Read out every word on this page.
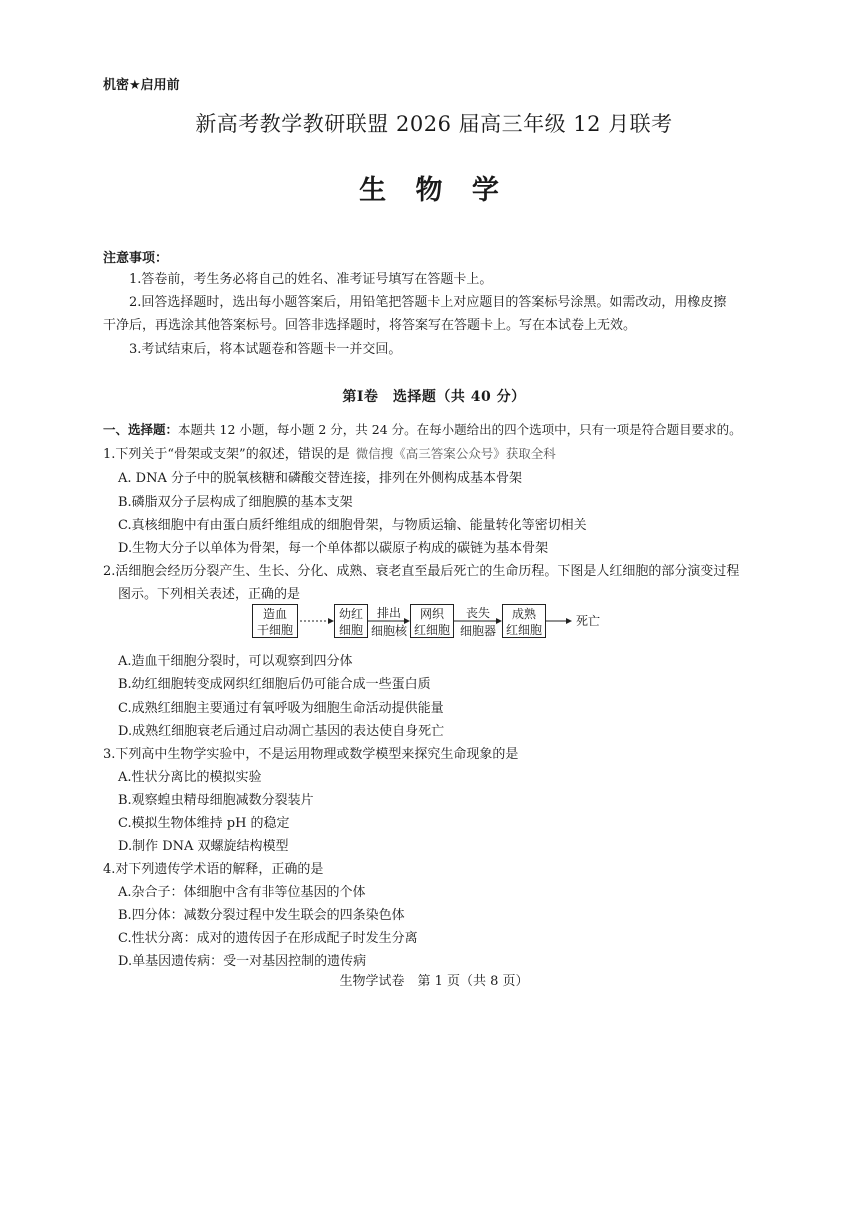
机密★启用前
新高考教学教研联盟 2026 届高三年级 12 月联考
生 物 学
注意事项：
1.答卷前，考生务必将自己的姓名、准考证号填写在答题卡上。
2.回答选择题时，选出每小题答案后，用铅笔把答题卡上对应题目的答案标号涂黑。如需改动，用橡皮擦
干净后，再选涂其他答案标号。回答非选择题时，将答案写在答题卡上。写在本试卷上无效。
3.考试结束后，将本试题卷和答题卡一并交回。
第Ⅰ卷　选择题（共 40 分）
一、选择题：本题共 12 小题，每小题 2 分，共 24 分。在每小题给出的四个选项中，只有一项是符合题目要求的。
1.下列关于“骨架或支架”的叙述，错误的是 微信搜《高三答案公众号》获取全科
A. DNA 分子中的脱氧核糖和磷酸交替连接，排列在外侧构成基本骨架
B.磷脂双分子层构成了细胞膜的基本支架
C.真核细胞中有由蛋白质纤维组成的细胞骨架，与物质运输、能量转化等密切相关
D.生物大分子以单体为骨架，每一个单体都以碳原子构成的碳链为基本骨架
2.活细胞会经历分裂产生、生长、分化、成熟、衰老直至最后死亡的生命历程。下图是人红细胞的部分演变过程
图示。下列相关表述，正确的是
造血
干细胞
幼红
细胞
排出
细胞核
网织
红细胞
丧失
细胞器
成熟
红细胞
死亡
A.造血干细胞分裂时，可以观察到四分体
B.幼红细胞转变成网织红细胞后仍可能合成一些蛋白质
C.成熟红细胞主要通过有氧呼吸为细胞生命活动提供能量
D.成熟红细胞衰老后通过启动凋亡基因的表达使自身死亡
3.下列高中生物学实验中，不是运用物理或数学模型来探究生命现象的是
A.性状分离比的模拟实验
B.观察蝗虫精母细胞减数分裂装片
C.模拟生物体维持 pH 的稳定
D.制作 DNA 双螺旋结构模型
4.对下列遗传学术语的解释，正确的是
A.杂合子：体细胞中含有非等位基因的个体
B.四分体：减数分裂过程中发生联会的四条染色体
C.性状分离：成对的遗传因子在形成配子时发生分离
D.单基因遗传病：受一对基因控制的遗传病
生物学试卷　第 1 页（共 8 页）
